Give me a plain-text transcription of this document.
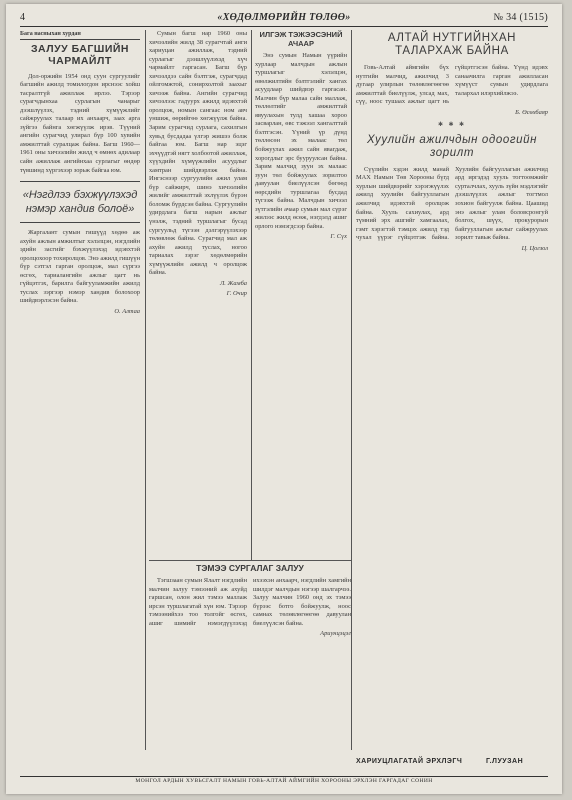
4	«ХӨДӨЛМӨРИЙН ТӨЛӨӨ»	№ 34 (1515)
Бага насныхан хурдан
ЗАЛУУ БАГШИЙН ЧАРМАЙЛТ

Дол-оржийн 1954 онд суун сургуулийг багшийн ажилд томилогдон ирснээс хойш тасралтгүй ажиллаж ирлээ. Тэрээр сурагчдынхаа сурлагын чанарыг дээшлүүлэх, тэдний хүмүүжлийг сайжруулах талаар их анхаарч, заах арга зүйгээ байнга хөгжүүлж ирэв. Түүний ангийн сурагчид улирал бүр 100 хувийн амжилттай суралцаж байна. Багш 1960—1961 оны хичээлийн жилд ч өмнөх адилаар сайн ажиллаж ангийнхаа сурлагыг өндөр түвшинд хүргэхээр зорьж байгаа юм.

«Нэгдлээ бэхжүүлэхэд нэмэр хандив болоё»

Жаргалант сумын гишүүд хөдөө аж ахуйн ажлын амжилтыг хэлэлцэн, нэгдлийн эдийн засгийг бэхжүүлэхэд идэвхтэй оролцохоор тохиролцов. Энэ ажилд гишүүн бүр сэтгэл гарган оролцож, мал сүргээ өсгөх, тариалангийн ажлыг цагт нь гүйцэтгэх, барилга байгууламжийн ажилд туслах зэргээр нэмэр хандив болохоор шийдвэрлэсэн байна.

О. Алтаа

Сумын багш нар 1960 оны хичээлийн жилд 38 сурагчтай анги хариуцан ажиллаж, тэдний сурлагыг дээшлүүлэхэд хүч чармайлт гаргасан. Багш бүр хичээлдээ сайн бэлтгэж, сурагчдад ойлгомжтой, сонирхолтой заахыг хичээж байна. Ангийн сурагчид хичээлээс гадуурх ажилд идэвхтэй оролцож, номын сангаас ном авч уншиж, өөрийгөө хөгжүүлж байна. Зарим сурагчид сурлага, сахилгын хувьд бусдадаа үлгэр жишээ болж байгаа юм. Багш нар эцэг эхчүүдтэй нягт холбоотой ажиллаж, хүүхдийн хүмүүжлийн асуудлыг хамтран шийдвэрлэж байна. Ингэснээр сургуулийн ажил улам бүр сайжирч, шинэ хичээлийн жилийг амжилттай эхлүүлэх бүрэн боломж бүрдсэн байна. Сургуулийн удирдлага багш нарын ажлыг үнэлж, тэдний туршлагыг бусад сургуульд түгээн дэлгэрүүлэхээр төлөвлөж байна. Сурагчид мал аж ахуйн ажилд туслах, ногоо тариалах зэрэг хөдөлмөрийн хүмүүжлийн ажилд ч оролцож байна.

Л. Жамба
Г. Очир
ИЛГЭЖ ТЭЖЭЭСЭНИЙ АЧААР

Энэ сумын Намын үүрийн хурлаар малчдын ажлын туршлагыг хэлэлцэн, өвөлжилтийн бэлтгэлийг хангах асуудлаар шийдвэр гаргасан. Малчин бүр малаа сайн маллаж, төллөлтийг амжилттай явуулахын тулд хашаа хороо засварлан, өвс тэжээл хангалттай бэлтгэсэн. Үүний үр дүнд төллөсөн эх малаас төл бойжуулах ажил сайн явагдаж, хорогдлыг эрс бууруулсан байна. Зарим малчид зуун эх малаас зуун төл бойжуулах зорилтоо давуулан биелүүлсэн бөгөөд өөрсдийн туршлагаа бусдад түгээж байна. Малчдын хичээл зүтгэлийн ачаар сумын мал сүрэг жилээс жилд өсөж, нэгдэлд ашиг орлого нэмэгдсээр байна.

Г. Сүх
АЛТАЙ НУТГИЙНХАН ТАЛАРХАЖ БАЙНА

Говь-Алтай аймгийн бүх нутгийн малчид, ажилчид 3 дугаар улирлын төлөвлөгөөгөө амжилттай биелүүлж, улсад мах, сүү, ноос тушаах ажлыг цагт нь гүйцэтгэсэн байна. Үүнд идэвх санаачилга гарган ажилласан хүмүүст сумын удирдлага талархал илэрхийлжээ.

Б. Өсөхбаяр
✱ ✱ ✱
Хуулийн ажилчдын одоогийн зорилт

Сүүлийн хэдэн жилд манай МАХ Намын Төв Хорооны бүгд хурлын шийдвэрийг хэрэгжүүлэх ажилд хуулийн байгууллагын ажилчид идэвхтэй оролцож байна. Хууль сахиулах, ард түмний эрх ашгийг хамгаалах, гэмт хэрэгтэй тэмцэх ажилд тэд чухал үүрэг гүйцэтгэж байна. Хуулийн байгууллагын ажилчид ард иргэдэд хууль тогтоомжийг сурталчлах, хууль зүйн мэдлэгийг дээшлүүлэх ажлыг тогтмол зохион байгуулж байна. Цаашид энэ ажлыг улам боловсронгуй болгох, шүүх, прокурорын байгууллагын ажлыг сайжруулах зорилт тавьж байна.

Ц. Цогзол
ТЭМЭЭ СУРГАЛАГ ЗАЛУУ

Тэгшзаан сумын Ялалт нэгдлийн малчин залуу тэмээний аж ахуйд гаршсан, олон жил тэмээ маллаж ирсэн туршлагатай хүн юм. Тэрээр тэмээнийхээ тоо толгойг өсгөх, ашиг шимийг нэмэгдүүлэхэд ихээхэн анхаарч, нэгдлийн хамгийн шилдэг малчдын нэгээр шалгарчээ. Залуу малчин 1960 онд эх тэмээ бүрээс ботго бойжуулж, ноос самнах төлөвлөгөөгөө давуулан биелүүлсэн байна.

Ариунцэцэг
ХАРИУЦЛАГАТАЙ ЭРХЛЭГЧ	Г.ЛУУЗАН
МОНГОЛ АРДЫН ХУВЬСГАЛТ НАМЫН ГОВЬ-АЛТАЙ АЙМГИЙН ХОРООНЫ ЭРХЛЭН ГАРГАДАГ СОНИН
